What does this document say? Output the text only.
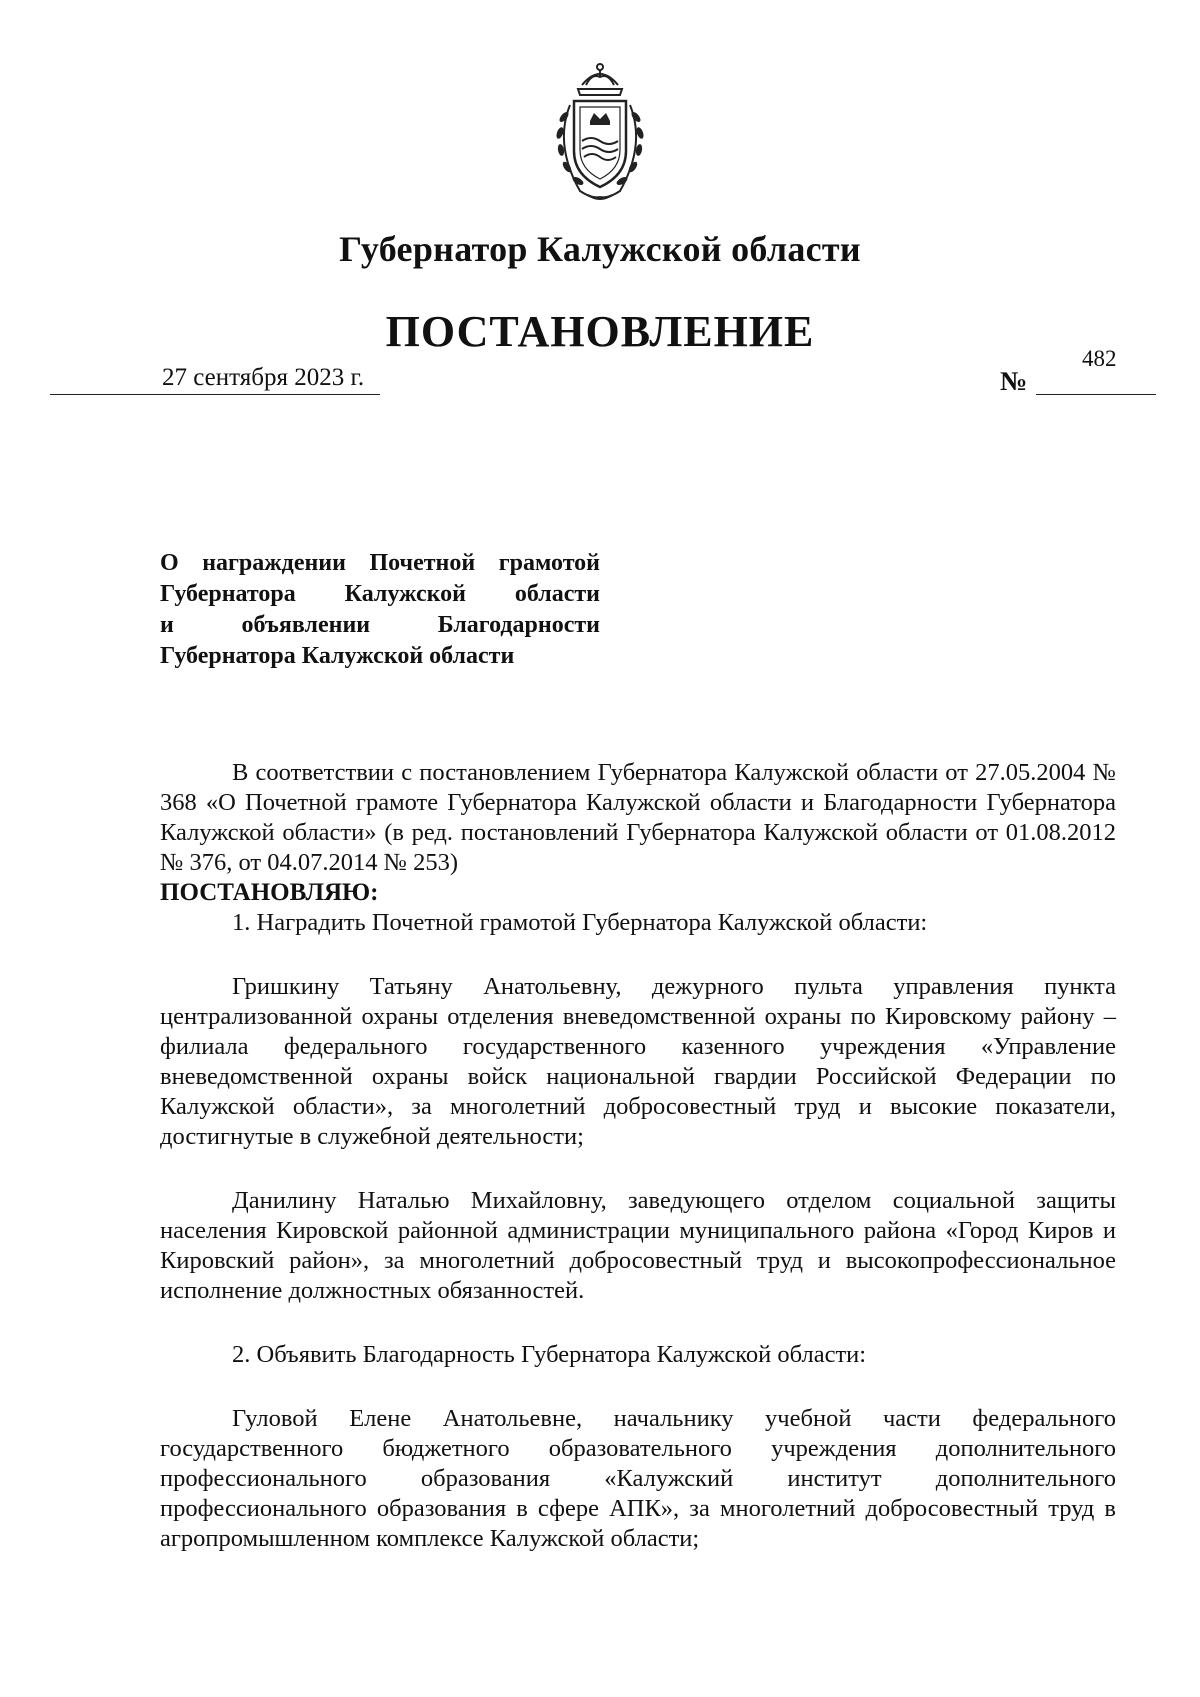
Губернатор Калужской области
ПОСТАНОВЛЕНИЕ
27 сентября 2023 г.	№
482
О награждении Почетной грамотой
Губернатора Калужской области
и объявлении Благодарности
Губернатора Калужской области

В соответствии с постановлением Губернатора Калужской области от 27.05.2004 № 368 «О Почетной грамоте Губернатора Калужской области и Благодарности Губернатора Калужской области» (в ред. постановлений Губернатора Калужской области от 01.08.2012 № 376, от 04.07.2014 № 253)

ПОСТАНОВЛЯЮ:

1. Наградить Почетной грамотой Губернатора Калужской области:

Гришкину Татьяну Анатольевну, дежурного пульта управления пункта централизованной охраны отделения вневедомственной охраны по Кировскому району – филиала федерального государственного казенного учреждения «Управление вневедомственной охраны войск национальной гвардии Российской Федерации по Калужской области», за многолетний добросовестный труд и высокие показатели, достигнутые в служебной деятельности;

Данилину Наталью Михайловну, заведующего отделом социальной защиты населения Кировской районной администрации муниципального района «Город Киров и Кировский район», за многолетний добросовестный труд и высокопрофессиональное исполнение должностных обязанностей.

2. Объявить Благодарность Губернатора Калужской области:

Гуловой Елене Анатольевне, начальнику учебной части федерального государственного бюджетного образовательного учреждения дополнительного профессионального образования «Калужский институт дополнительного профессионального образования в сфере АПК», за многолетний добросовестный труд в агропромышленном комплексе Калужской области;
